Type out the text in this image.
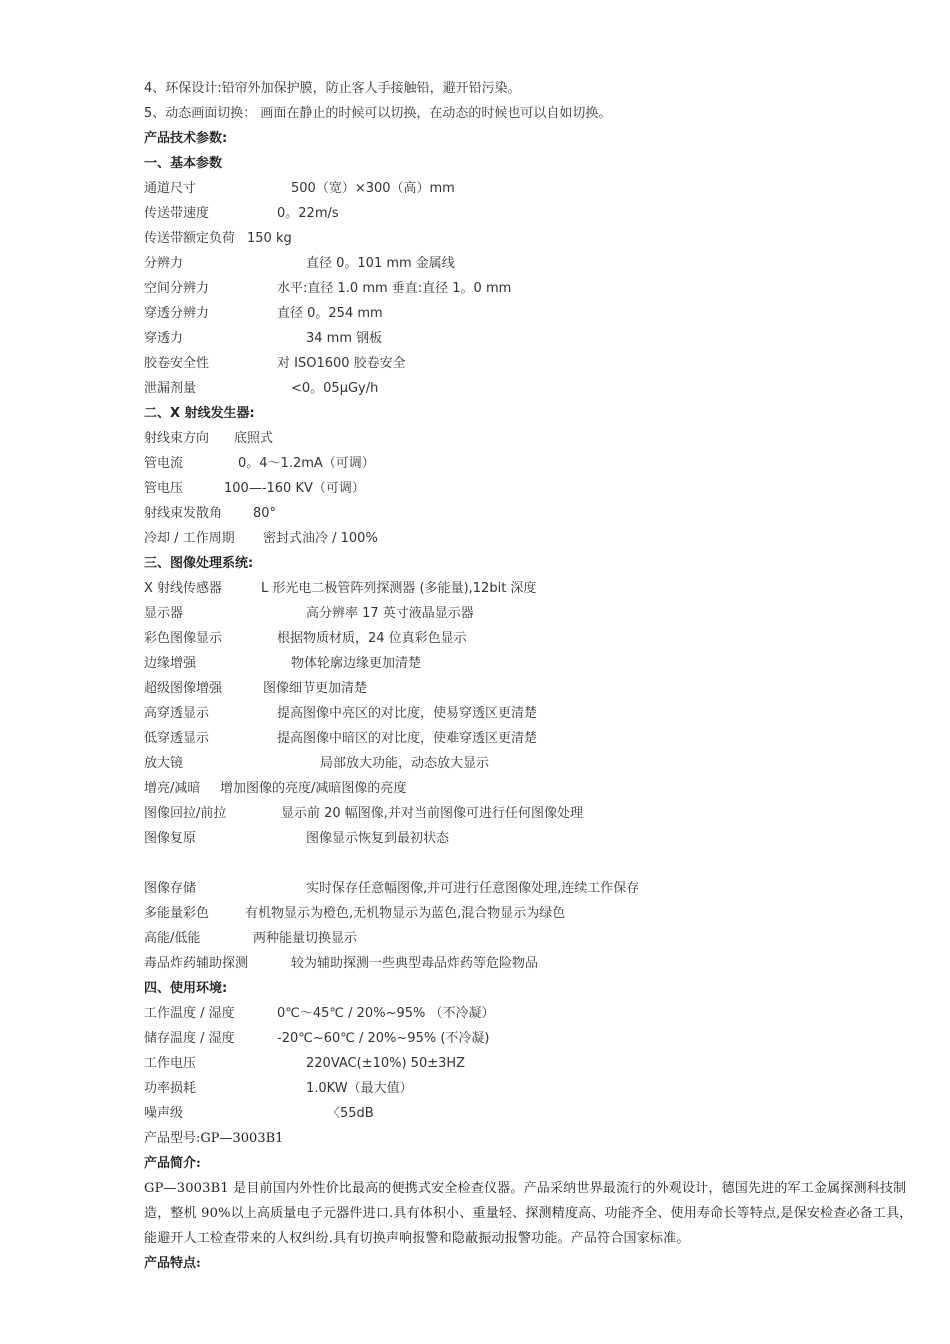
4、环保设计:铅帘外加保护膜，防止客人手接触铅，避开铅污染。
5、动态画面切换： 画面在静止的时候可以切换，在动态的时候也可以自如切换。
产品技术参数:
一、基本参数
通道尺寸	500（宽）×300（高）mm
传送带速度	0。22m/s
传送带额定负荷 150 kg
分辨力	直径 0。101 mm 金属线
空间分辨力	水平:直径 1.0 mm 垂直:直径 1。0 mm
穿透分辨力	直径 0。254 mm
穿透力	34 mm 钢板
胶卷安全性	对 ISO1600 胶卷安全
泄漏剂量	<0。05μGy/h
二、X 射线发生器:
射线束方向 底照式
管电流	0。4～1.2mA（可调）
管电压	100—-160 KV（可调）
射线束发散角 80°
冷却 / 工作周期 密封式油冷 / 100%
三、图像处理系统:
X 射线传感器	L 形光电二极管阵列探测器 (多能量),12bit 深度
显示器	高分辨率 17 英寸液晶显示器
彩色图像显示	根据物质材质，24 位真彩色显示
边缘增强	物体轮廓边缘更加清楚
超级图像增强	图像细节更加清楚
高穿透显示	提高图像中亮区的对比度，使易穿透区更清楚
低穿透显示	提高图像中暗区的对比度，使难穿透区更清楚
放大镜	局部放大功能，动态放大显示
增亮/减暗 增加图像的亮度/减暗图像的亮度
图像回拉/前拉	显示前 20 幅图像,并对当前图像可进行任何图像处理
图像复原	图像显示恢复到最初状态
图像存储	实时保存任意幅图像,并可进行任意图像处理,连续工作保存
多能量彩色	有机物显示为橙色,无机物显示为蓝色,混合物显示为绿色
高能/低能	两种能量切换显示
毒品炸药辅助探测	较为辅助探测一些典型毒品炸药等危险物品
四、使用环境:
工作温度 / 湿度	0℃～45℃ / 20%~95% （不冷凝）
储存温度 / 湿度	-20℃~60℃ / 20%~95% (不冷凝)
工作电压	220VAC(±10%) 50±3HZ
功率损耗	1.0KW（最大值）
噪声级	〈55dB
产品型号:GP—3003B1
产品简介:
GP—3003B1 是目前国内外性价比最高的便携式安全检查仪器。产品采纳世界最流行的外观设计，德国先进的军工金属探测科技制造，整机 90%以上高质量电子元器件进口.具有体积小、重量轻、探测精度高、功能齐全、使用寿命长等特点,是保安检查必备工具，能避开人工检查带来的人权纠纷.具有切换声响报警和隐蔽振动报警功能。产品符合国家标准。
产品特点:
